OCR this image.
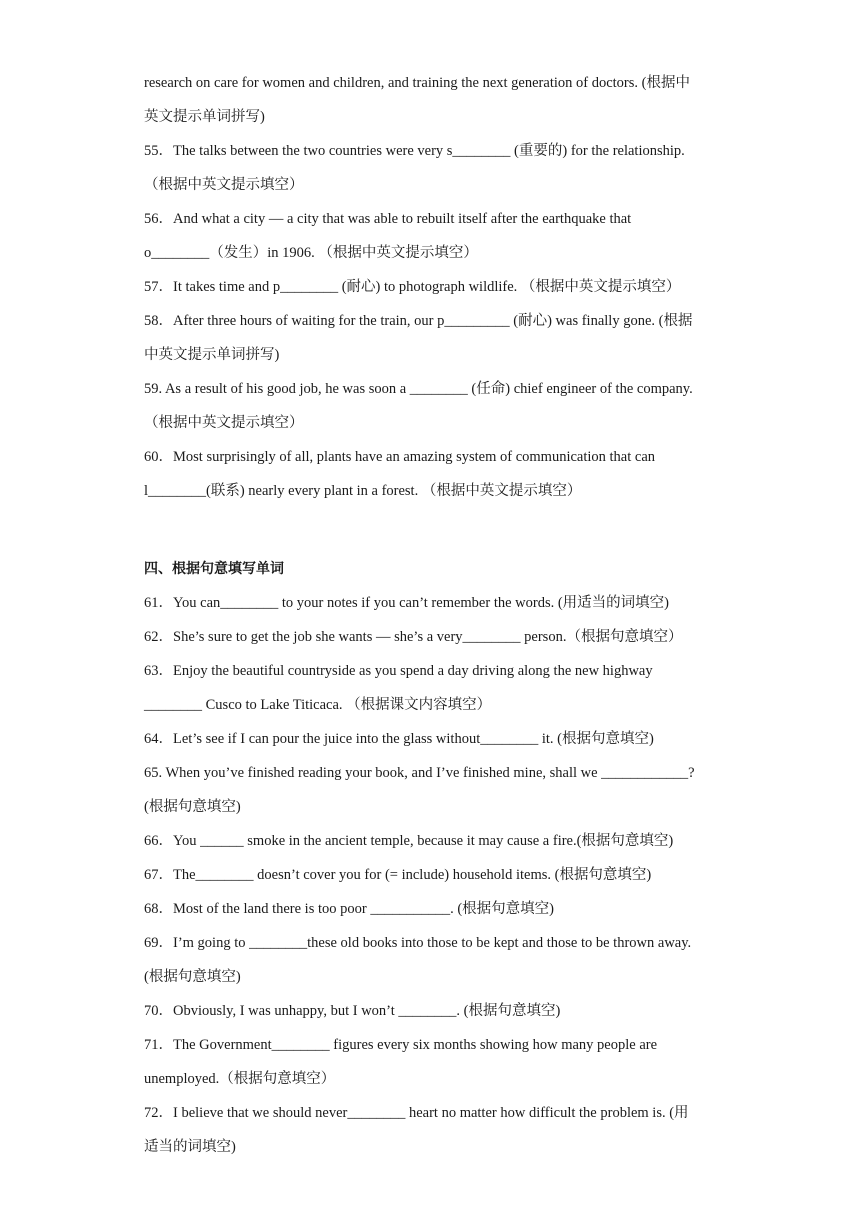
research on care for women and children, and training the next generation of doctors. (根据中
英文提示单词拼写)
55．The talks between the two countries were very s________ (重要的) for the relationship.
（根据中英文提示填空）
56．And what a city — a city that was able to rebuilt itself after the earthquake that
o________（发生）in 1906. （根据中英文提示填空）
57．It takes time and p________ (耐心) to photograph wildlife. （根据中英文提示填空）
58．After three hours of waiting for the train, our p_________ (耐心) was finally gone. (根据
中英文提示单词拼写)
59. As a result of his good job, he was soon a ________ (任命) chief engineer of the company.
（根据中英文提示填空）
60．Most surprisingly of all, plants have an amazing system of communication that can
l________(联系) nearly every plant in a forest. （根据中英文提示填空）
四、根据句意填写单词
61．You can________ to your notes if you can’t remember the words. (用适当的词填空)
62．She’s sure to get the job she wants — she’s a very________ person.（根据句意填空）
63．Enjoy the beautiful countryside as you spend a day driving along the new highway
________ Cusco to Lake Titicaca. （根据课文内容填空）
64．Let’s see if I can pour the juice into the glass without________ it. (根据句意填空)
65. When you’ve finished reading your book, and I’ve finished mine, shall we ____________?
(根据句意填空)
66．You ______ smoke in the ancient temple, because it may cause a fire.(根据句意填空)
67．The________ doesn’t cover you for (= include) household items. (根据句意填空)
68．Most of the land there is too poor ___________. (根据句意填空)
69．I’m going to ________these old books into those to be kept and those to be thrown away.
(根据句意填空)
70．Obviously, I was unhappy, but I won’t ________. (根据句意填空)
71．The Government________ figures every six months showing how many people are
unemployed.（根据句意填空）
72．I believe that we should never________ heart no matter how difficult the problem is. (用
适当的词填空)
